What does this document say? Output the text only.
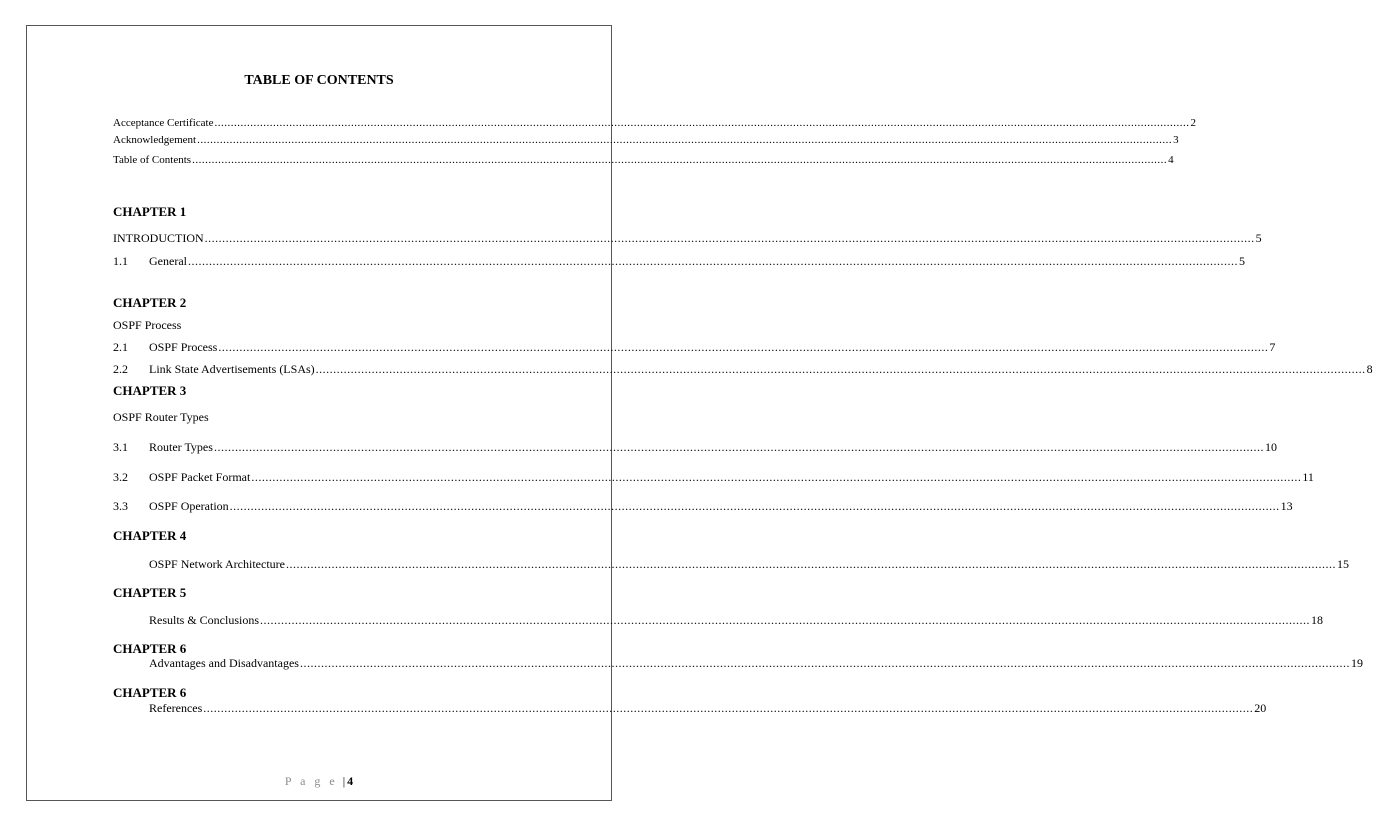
TABLE OF CONTENTS
Acceptance Certificate ............................................................................................................................................................................................................................................................................................................ 2
Acknowledgement ............................................................................................................................................................................................................................................................................................................ 3
Table of Contents ............................................................................................................................................................................................................................................................................................................ 4
CHAPTER 1
INTRODUCTION ............................................................................................................................................................................................................................................................................................................ 5
1.1	General ............................................................................................................................................................................................................................................................................................................ 5
CHAPTER 2
OSPF Process
2.1	OSPF Process ............................................................................................................................................................................................................................................................................................................ 7
2.2	Link State Advertisements (LSAs) ............................................................................................................................................................................................................................................................................................................ 8
CHAPTER 3
OSPF Router Types
3.1	Router Types ............................................................................................................................................................................................................................................................................................................ 10
3.2	OSPF Packet Format ............................................................................................................................................................................................................................................................................................................ 11
3.3	OSPF Operation ............................................................................................................................................................................................................................................................................................................ 13
CHAPTER 4
OSPF Network Architecture ............................................................................................................................................................................................................................................................................................................ 15
CHAPTER 5
Results & Conclusions ............................................................................................................................................................................................................................................................................................................ 18
CHAPTER 6
Advantages and Disadvantages ............................................................................................................................................................................................................................................................................................................ 19
CHAPTER 6
References ............................................................................................................................................................................................................................................................................................................ 20
P a g e | 4
